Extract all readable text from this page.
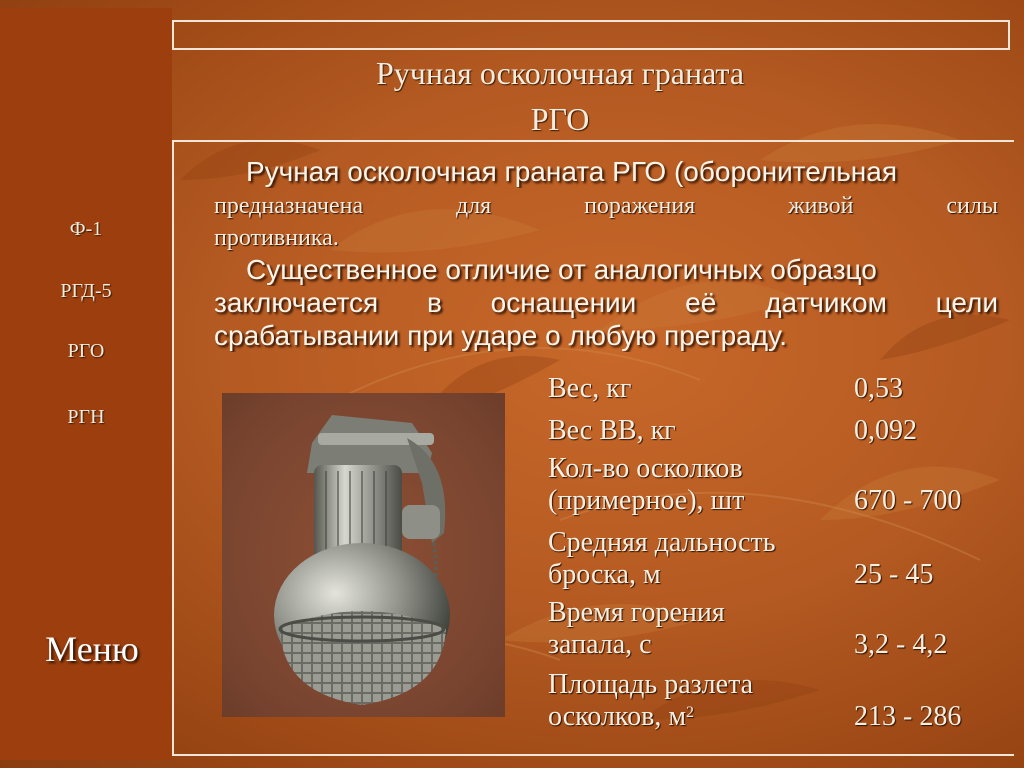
Ручная осколочная граната
РГО
Ф-1
РГД-5
РГО
РГН
Меню
Ручная осколочная граната РГО (оборонительная
предназначена	для	поражения	живой	силы
противника.
Существенное отличие от аналогичных образцо
заключается в оснащении её датчиком цели
срабатывании при ударе о любую преграду.
Вес, кг	0,53
Вес ВВ, кг	0,092
Кол-во осколков
(примерное), шт	670 - 700
Средняя дальность
броска, м	25 - 45
Время горения
запала, с	3,2 - 4,2
Площадь разлета
осколков, $м^2$	213 - 286
